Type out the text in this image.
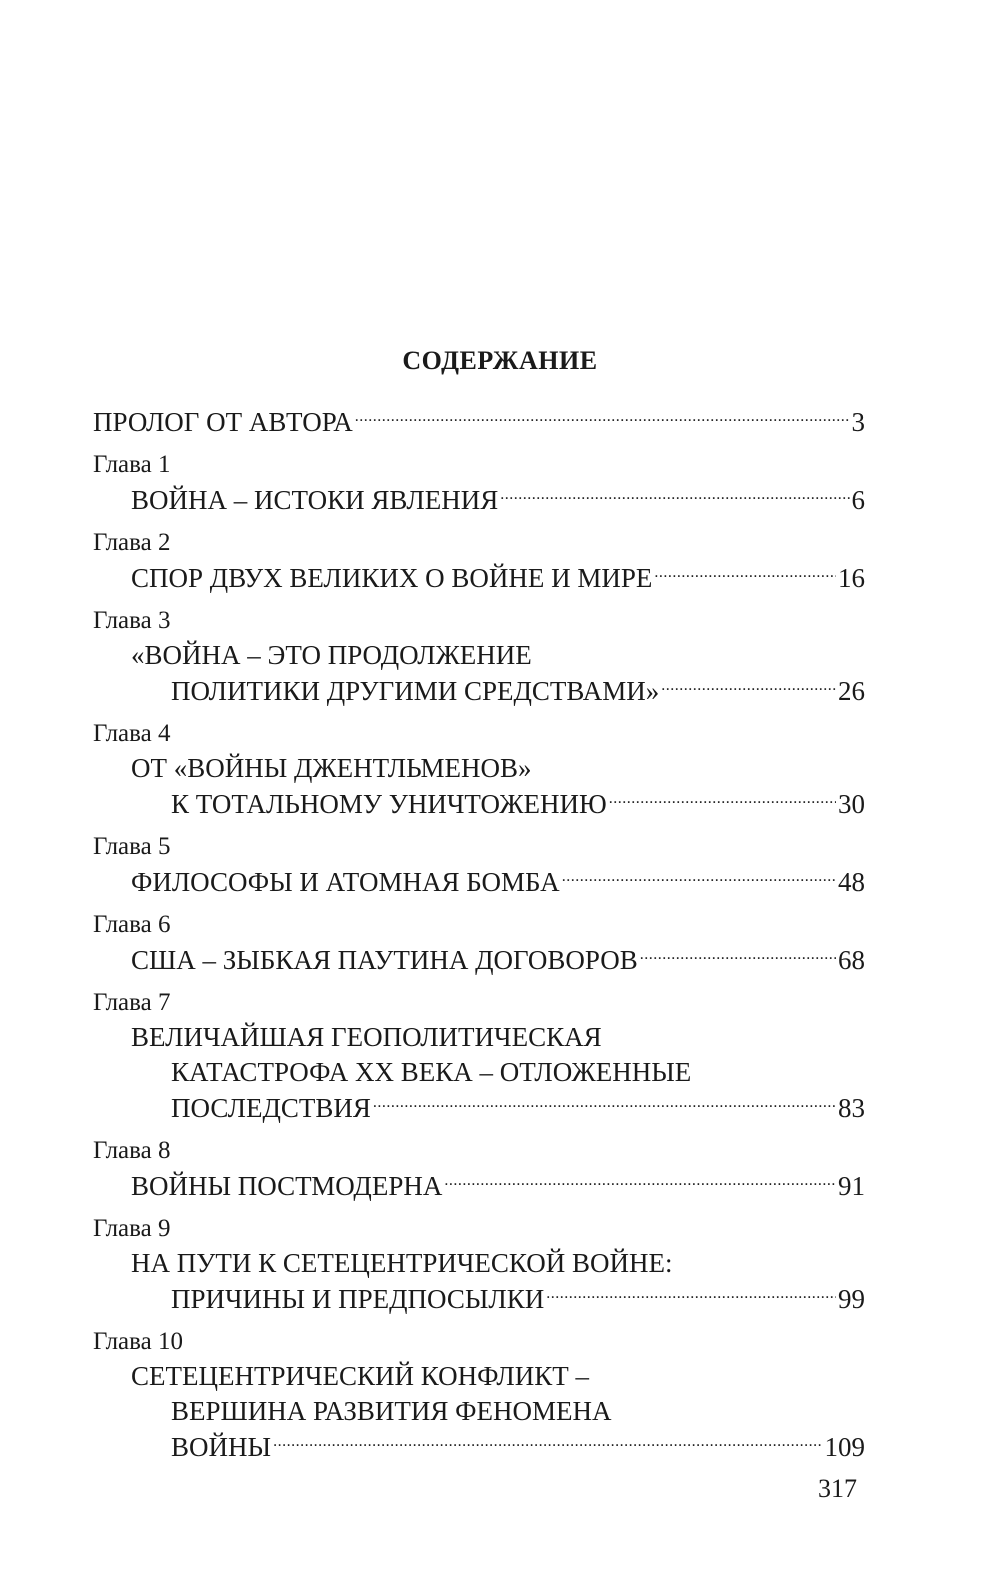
СОДЕРЖАНИЕ
ПРОЛОГ ОТ АВТОРА .....	3
Глава 1
ВОЙНА – ИСТОКИ ЯВЛЕНИЯ .....	6
Глава 2
СПОР ДВУХ ВЕЛИКИХ О ВОЙНЕ И МИРЕ .....	16
Глава 3
«ВОЙНА – ЭТО ПРОДОЛЖЕНИЕ
ПОЛИТИКИ ДРУГИМИ СРЕДСТВАМИ» .....	26
Глава 4
ОТ «ВОЙНЫ ДЖЕНТЛЬМЕНОВ»
К ТОТАЛЬНОМУ УНИЧТОЖЕНИЮ .....	30
Глава 5
ФИЛОСОФЫ И АТОМНАЯ БОМБА .....	48
Глава 6
США – ЗЫБКАЯ ПАУТИНА ДОГОВОРОВ .....	68
Глава 7
ВЕЛИЧАЙШАЯ ГЕОПОЛИТИЧЕСКАЯ
КАТАСТРОФА XX ВЕКА – ОТЛОЖЕННЫЕ
ПОСЛЕДСТВИЯ .....	83
Глава 8
ВОЙНЫ ПОСТМОДЕРНА .....	91
Глава 9
НА ПУТИ К СЕТЕЦЕНТРИЧЕСКОЙ ВОЙНЕ:
ПРИЧИНЫ И ПРЕДПОСЫЛКИ .....	99
Глава 10
СЕТЕЦЕНТРИЧЕСКИЙ КОНФЛИКТ –
ВЕРШИНА РАЗВИТИЯ ФЕНОМЕНА
ВОЙНЫ .....	109
317
